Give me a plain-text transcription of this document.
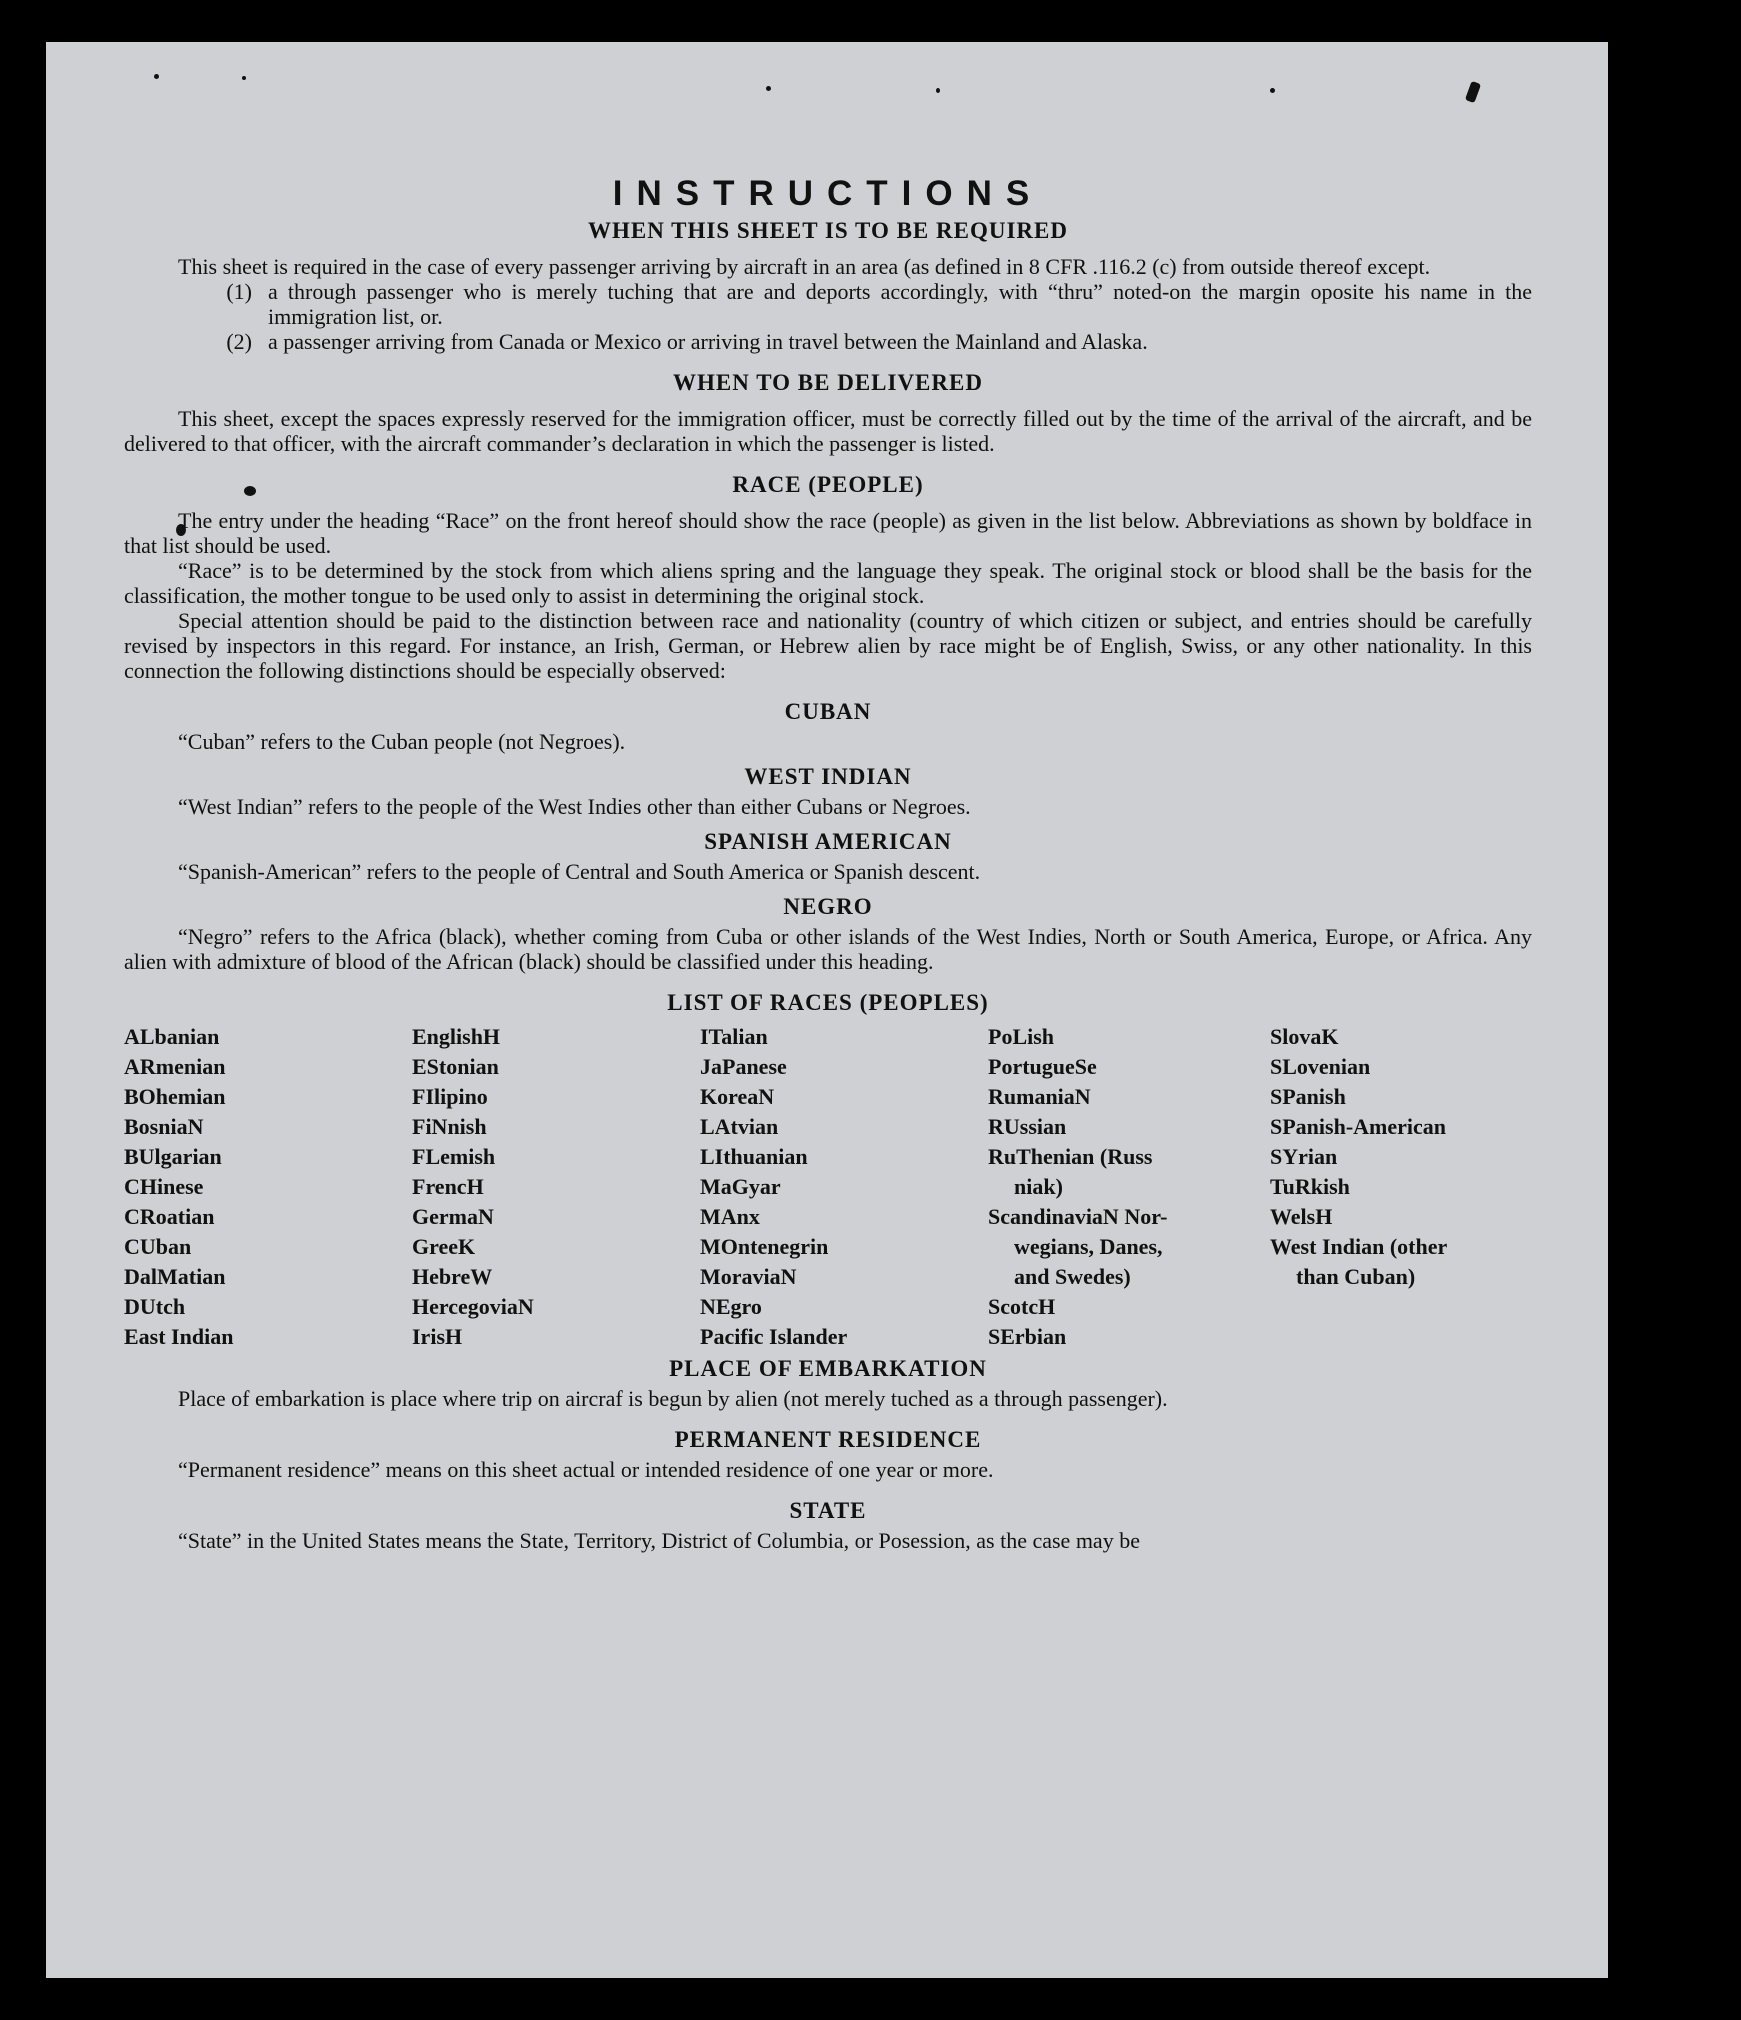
INSTRUCTIONS
WHEN THIS SHEET IS TO BE REQUIRED

This sheet is required in the case of every passenger arriving by aircraft in an area (as defined in 8 CFR .116.2 (c) from outside thereof except.

(1) a through passenger who is merely tuching that are and deports accordingly, with “thru” noted-on the margin oposite his name in the immigration list, or.
(2) a passenger arriving from Canada or Mexico or arriving in travel between the Mainland and Alaska.
WHEN TO BE DELIVERED

This sheet, except the spaces expressly reserved for the immigration officer, must be correctly filled out by the time of the arrival of the aircraft, and be delivered to that officer, with the aircraft commander’s declaration in which the passenger is listed.

RACE (PEOPLE)

The entry under the heading “Race” on the front hereof should show the race (people) as given in the list below. Abbreviations as shown by boldface in that list should be used.

“Race” is to be determined by the stock from which aliens spring and the language they speak. The original stock or blood shall be the basis for the classification, the mother tongue to be used only to assist in determining the original stock.

Special attention should be paid to the distinction between race and nationality (country of which citizen or subject, and entries should be carefully revised by inspectors in this regard. For instance, an Irish, German, or Hebrew alien by race might be of English, Swiss, or any other nationality. In this connection the following distinctions should be especially observed:

CUBAN

“Cuban” refers to the Cuban people (not Negroes).

WEST INDIAN

“West Indian” refers to the people of the West Indies other than either Cubans or Negroes.

SPANISH AMERICAN

“Spanish-American” refers to the people of Central and South America or Spanish descent.

NEGRO

“Negro” refers to the Africa (black), whether coming from Cuba or other islands of the West Indies, North or South America, Europe, or Africa. Any alien with admixture of blood of the African (black) should be classified under this heading.

LIST OF RACES (PEOPLES)
ALbanian
ARmenian
BOhemian
BosniaN
BUlgarian
CHinese
CRoatian
CUban
DalMatian
DUtch
East Indian
EnglishH
EStonian
FIlipino
FiNnish
FLemish
FrencH
GermaN
GreeK
HebreW
HercegoviaN
IrisH
ITalian
JaPanese
KoreaN
LAtvian
LIthuanian
MaGyar
MAnx
MOntenegrin
MoraviaN
NEgro
Pacific Islander
PoLish
PortugueSe
RumaniaN
RUssian
RuThenian (Russ
niak)
ScandinaviaN Nor-
wegians, Danes,
and Swedes)
ScotcH
SErbian
SlovaK
SLovenian
SPanish
SPanish-American
SYrian
TuRkish
WelsH
West Indian (other
than Cuban)
PLACE OF EMBARKATION

Place of embarkation is place where trip on aircraf is begun by alien (not merely tuched as a through passenger).

PERMANENT RESIDENCE

“Permanent residence” means on this sheet actual or intended residence of one year or more.

STATE

“State” in the United States means the State, Territory, District of Columbia, or Posession, as the case may be
